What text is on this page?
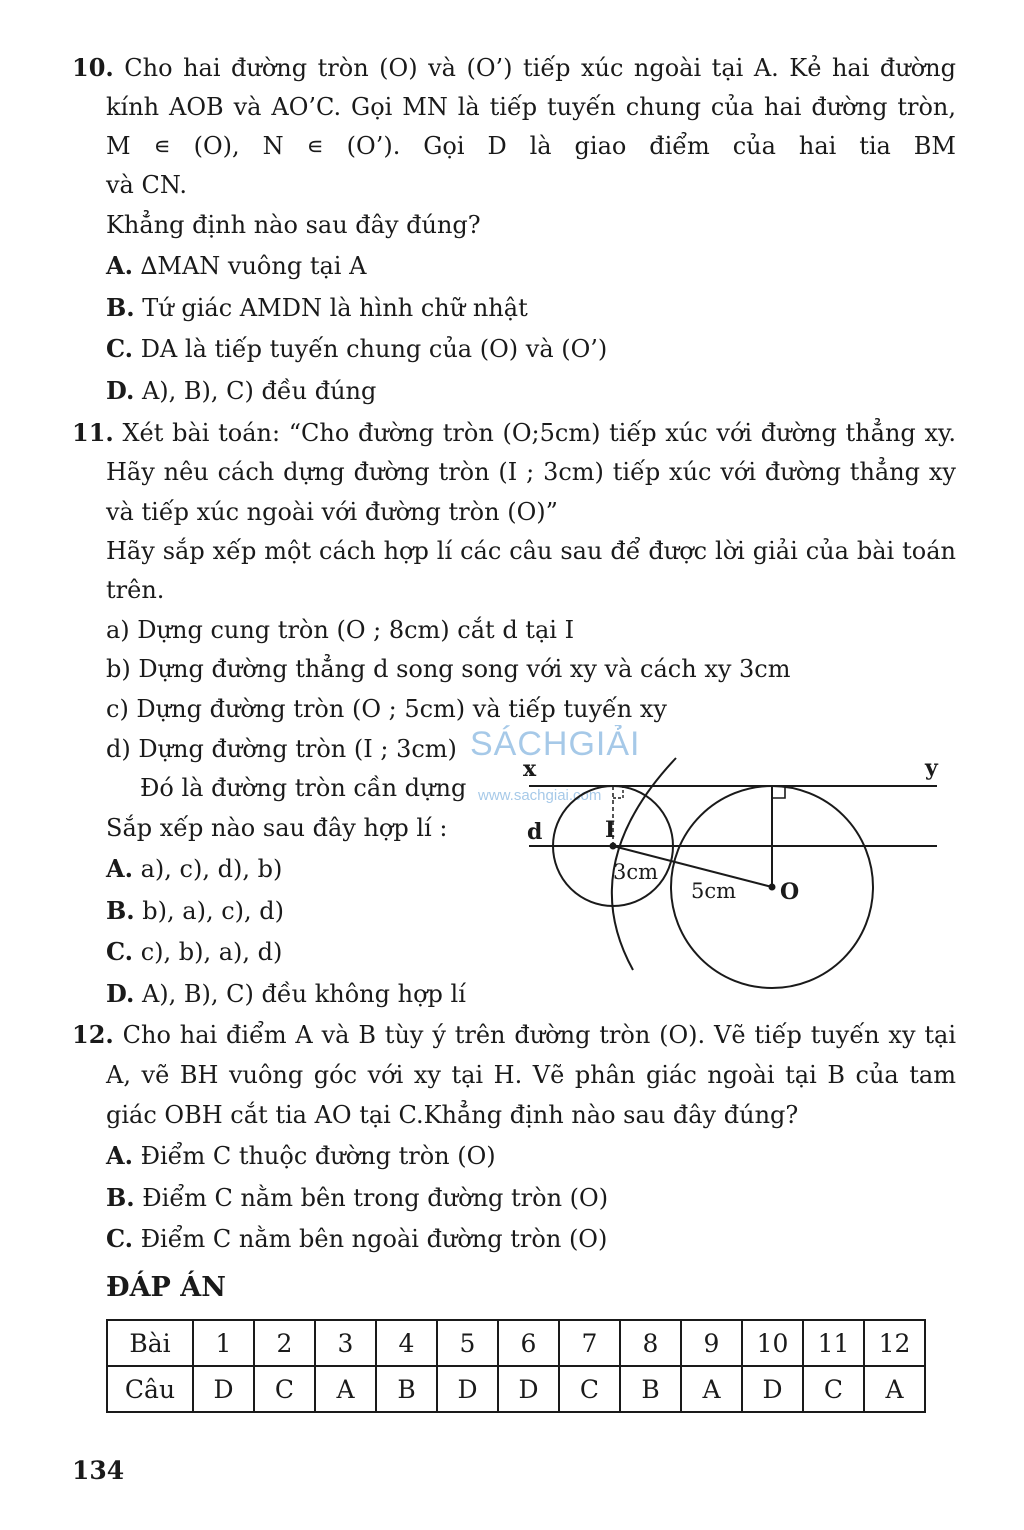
10. Cho hai đường tròn (O) và (O’) tiếp xúc ngoài tại A. Kẻ hai đường
kính AOB và AO’C. Gọi MN là tiếp tuyến chung của hai đường tròn,
M ∊ (O), N ∊ (O’). Gọi D là giao điểm của hai tia BM
và CN.
Khẳng định nào sau đây đúng?
A. ∆MAN vuông tại A
B. Tứ giác AMDN là hình chữ nhật
C. DA là tiếp tuyến chung của (O) và (O’)
D. A), B), C) đều đúng
11. Xét bài toán: “Cho đường tròn (O;5cm) tiếp xúc với đường thẳng xy.
Hãy nêu cách dựng đường tròn (I ; 3cm) tiếp xúc với đường thẳng xy
và tiếp xúc ngoài với đường tròn (O)”
Hãy sắp xếp một cách hợp lí các câu sau để được lời giải của bài toán
trên.
a) Dựng cung tròn (O ; 8cm) cắt d tại I
b) Dựng đường thẳng d song song với xy và cách xy 3cm
c) Dựng đường tròn (O ; 5cm) và tiếp tuyến xy
d) Dựng đường tròn (I ; 3cm)
Đó là đường tròn cần dựng
Sắp xếp nào sau đây hợp lí :
A. a), c), d), b)
B. b), a), c), d)
C. c), b), a), d)
D. A), B), C) đều không hợp lí
SÁCHGIẢI
www.sachgiai.com
x	y
d	I
O
3cm
5cm
12. Cho hai điểm A và B tùy ý trên đường tròn (O). Vẽ tiếp tuyến xy tại
A, vẽ BH vuông góc với xy tại H. Vẽ phân giác ngoài tại B của tam
giác OBH cắt tia AO tại C.Khẳng định nào sau đây đúng?
A. Điểm C thuộc đường tròn (O)
B. Điểm C nằm bên trong đường tròn (O)
C. Điểm C nằm bên ngoài đường tròn (O)
ĐÁP ÁN
Bài	1	2	3	4	5	6	7	8	9	10	11	12
Câu	D	C	A	B	D	D	C	B	A	D	C	A
134
